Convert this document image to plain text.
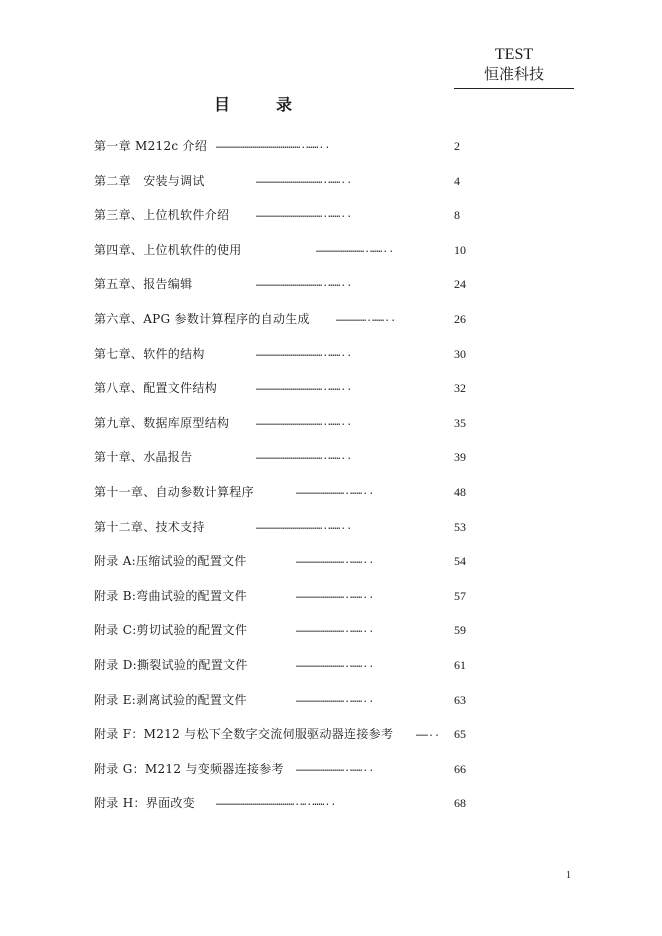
TEST
恒准科技
目	录
第一章 M212c 介绍 …………………………………….……..	2
第二章　安装与调试	…………………………….……..	4
第三章、上位机软件介绍	…………………………….……..	8
第四章、上位机软件的使用	…………………….……..	10
第五章、报告编辑	…………………………….……..	24
第六章、APG 参数计算程序的自动生成	…………….……..	26
第七章、软件的结构	…………………………….……..	30
第八章、配置文件结构	…………………………….……..	32
第九章、数据库原型结构	…………………………….……..	35
第十章、水晶报告	…………………………….……..	39
第十一章、自动参数计算程序	…………………….……..	48
第十二章、技术支持	…………………………….……..	53
附录 A:压缩试验的配置文件	…………………….……..	54
附录 B:弯曲试验的配置文件	…………………….……..	57
附录 C:剪切试验的配置文件	…………………….……..	59
附录 D:撕裂试验的配置文件	…………………….……..	61
附录 E:剥离试验的配置文件	…………………….……..	63
附录 F：M212 与松下全数字交流伺服驱动器连接参考 ……..	65
附录 G：M212 与变频器连接参考 …………………….……..	66
附录 H：界面改变 ………………………………….….……..	68
1
